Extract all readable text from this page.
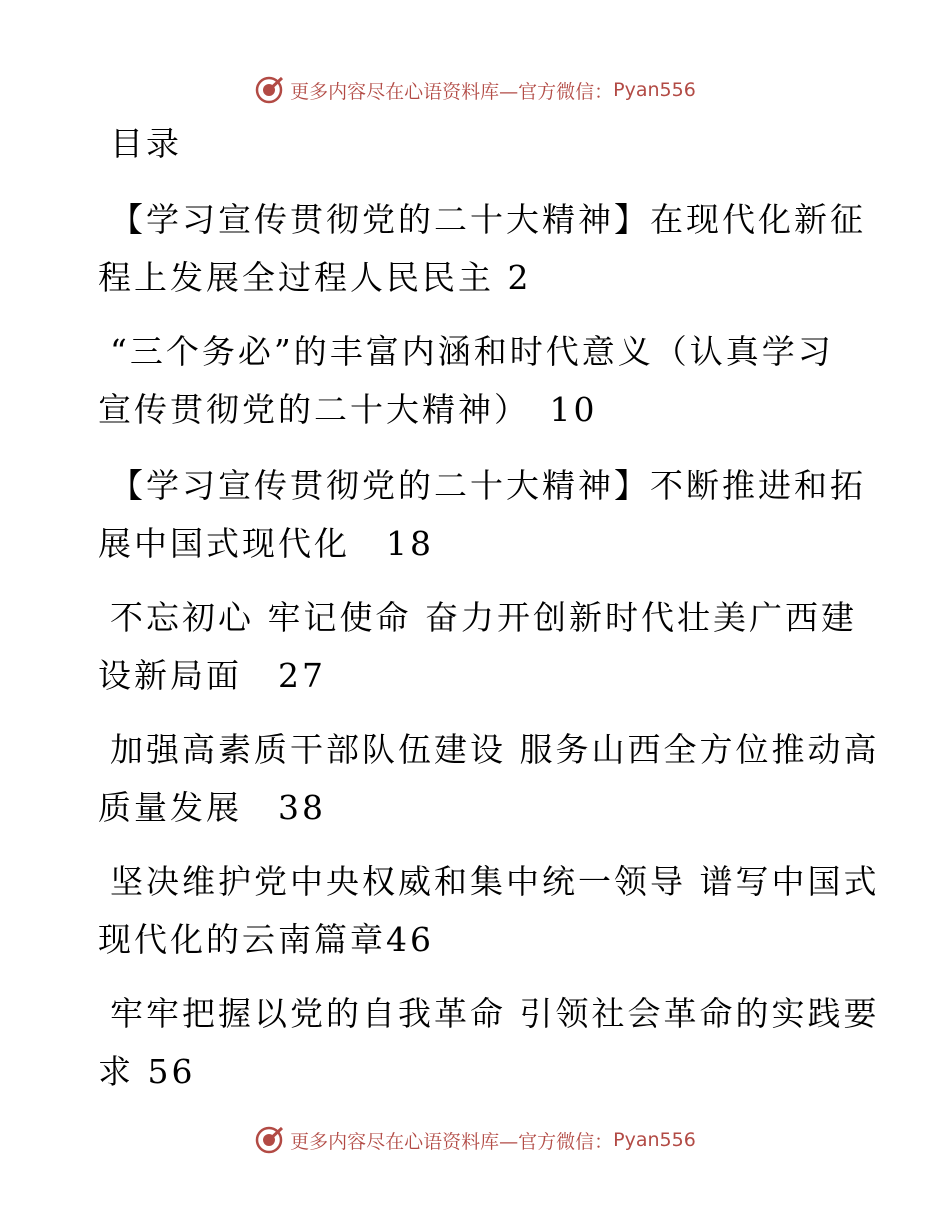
更多内容尽在心语资料库—官方微信： Pyan556
目录
【学习宣传贯彻党的二十大精神】在现代化新征
程上发展全过程人民民主 2
“三个务必”的丰富内涵和时代意义（认真学习
宣传贯彻党的二十大精神）　10
【学习宣传贯彻党的二十大精神】不断推进和拓
展中国式现代化　18
不忘初心 牢记使命 奋力开创新时代壮美广西建
设新局面　27
加强高素质干部队伍建设 服务山西全方位推动高
质量发展　38
坚决维护党中央权威和集中统一领导 谱写中国式
现代化的云南篇章46
牢牢把握以党的自我革命 引领社会革命的实践要
求 56
更多内容尽在心语资料库—官方微信： Pyan556
